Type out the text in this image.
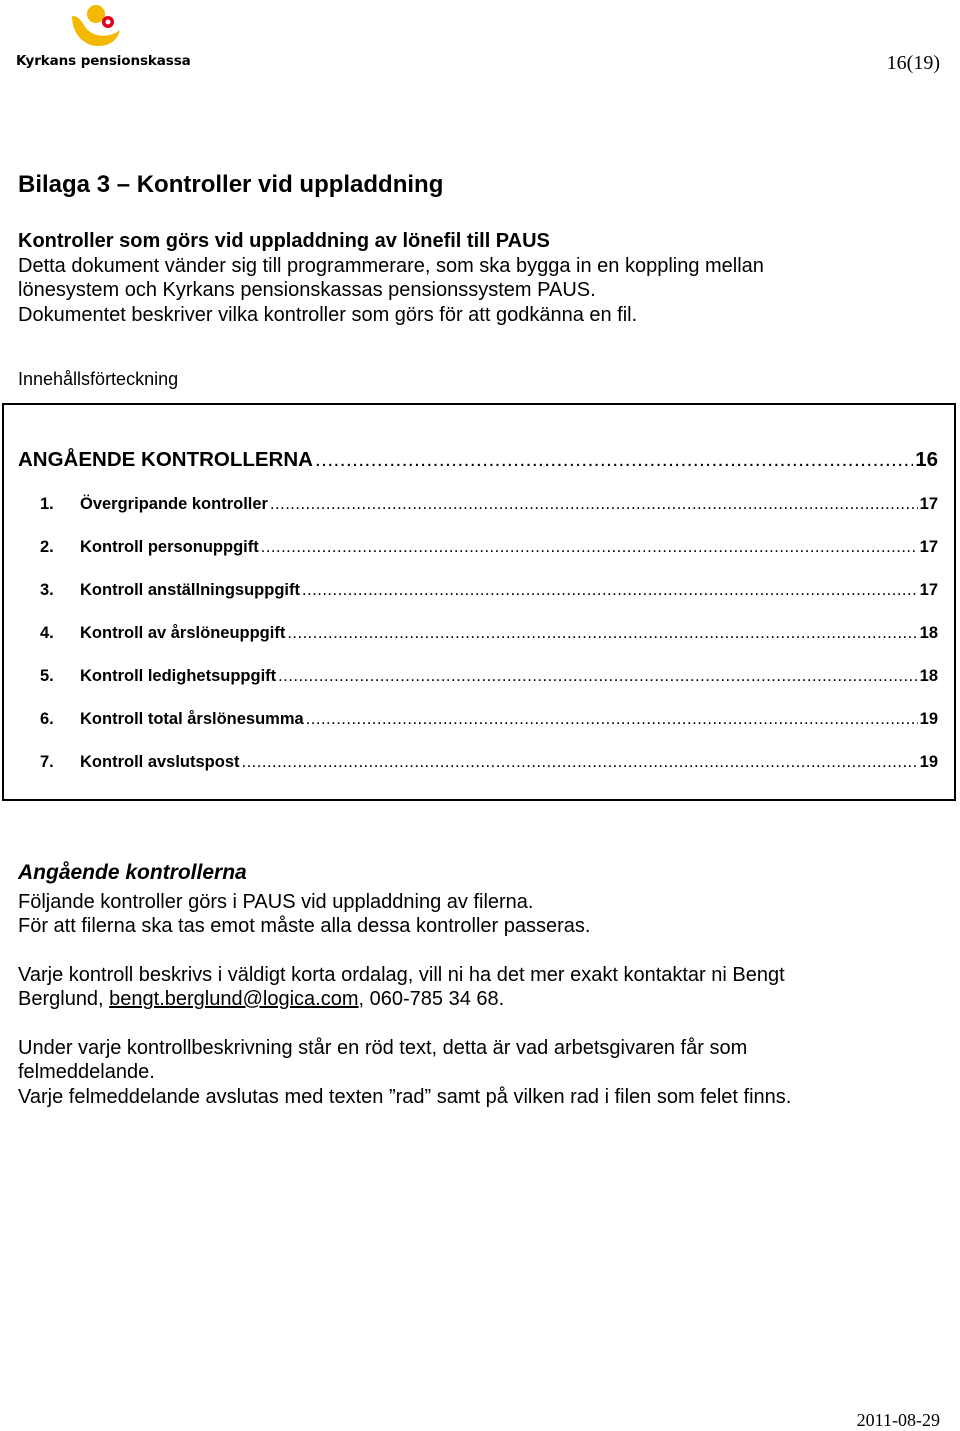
Kyrkans pensionskassa	16(19)
Bilaga 3 – Kontroller vid uppladdning
Kontroller som görs vid uppladdning av lönefil till PAUS
Detta dokument vänder sig till programmerare, som ska bygga in en koppling mellan
lönesystem och Kyrkans pensionskassas pensionssystem PAUS.
Dokumentet beskriver vilka kontroller som görs för att godkänna en fil.
Innehållsförteckning
ANGÅENDE KONTROLLERNA .....	16
1.	Övergripande kontroller .....	17
2.	Kontroll personuppgift .....	17
3.	Kontroll anställningsuppgift .....	17
4.	Kontroll av årslöneuppgift .....	18
5.	Kontroll ledighetsuppgift .....	18
6.	Kontroll total årslönesumma .....	19
7.	Kontroll avslutspost .....	19
Angående kontrollerna

Följande kontroller görs i PAUS vid uppladdning av filerna.

För att filerna ska tas emot måste alla dessa kontroller passeras.

Varje kontroll beskrivs i väldigt korta ordalag, vill ni ha det mer exakt kontaktar ni Bengt

Berglund, bengt.berglund@logica.com, 060-785 34 68.

Under varje kontrollbeskrivning står en röd text, detta är vad arbetsgivaren får som

felmeddelande.

Varje felmeddelande avslutas med texten ”rad” samt på vilken rad i filen som felet finns.

2011-08-29
